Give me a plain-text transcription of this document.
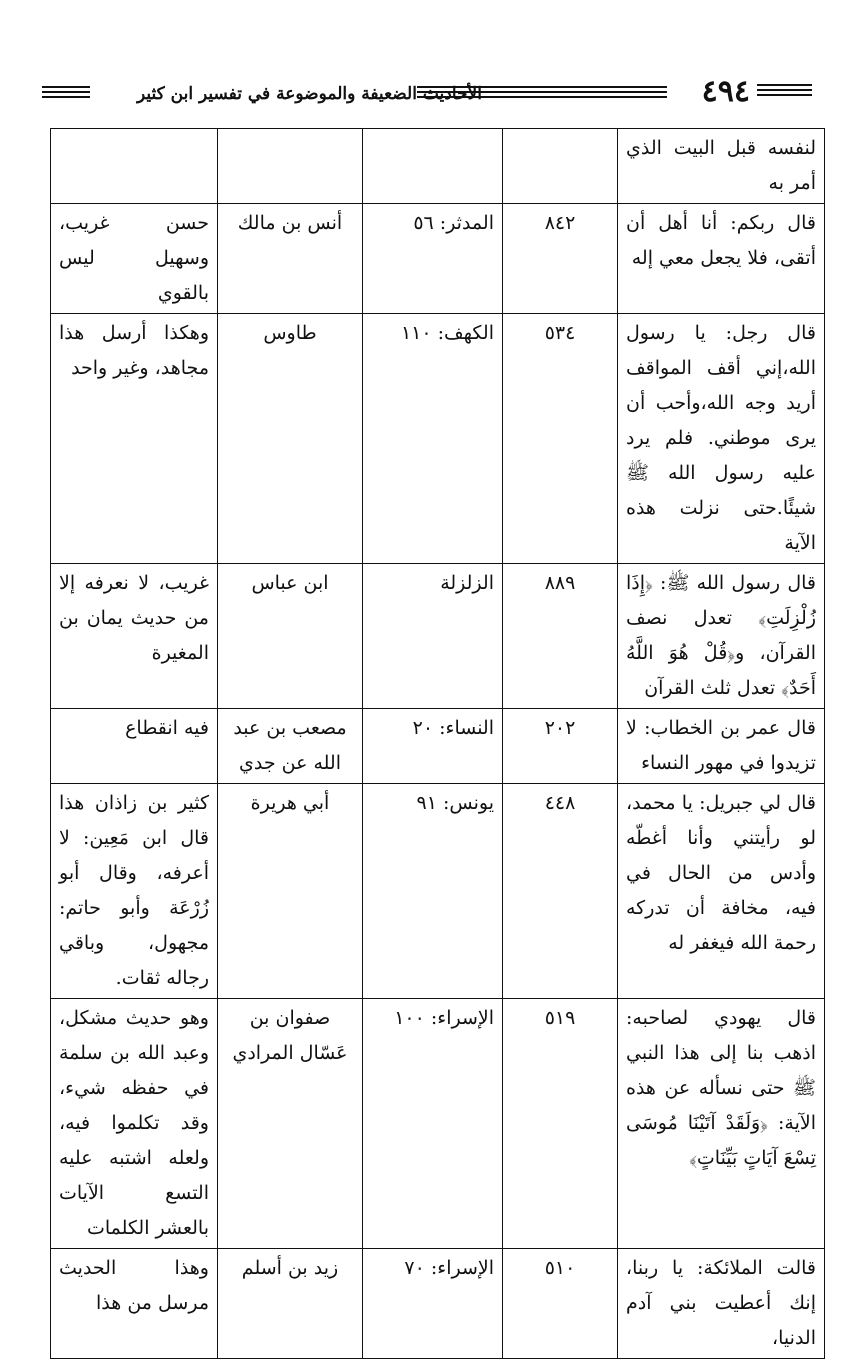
٤٩٤
الأحاديث الضعيفة والموضوعة في تفسير ابن كثير
لنفسه قبل البيت الذي أمر به				
قال ربكم: أنا أهل أن أتقى، فلا يجعل معي إله	٨٤٢	المدثر: ٥٦	أنس بن مالك	حسن غريب، وسهيل ليس بالقوي
قال رجل: يا رسول الله،إني أقف المواقف أريد وجه الله،وأحب أن يرى موطني. فلم يرد عليه رسول الله ﷺ شيئًا.حتى نزلت هذه الآية	٥٣٤	الكهف: ١١٠	طاوس	وهكذا أرسل هذا مجاهد، وغير واحد
قال رسول الله ﷺ: ﴿إِذَا زُلْزِلَتِ﴾ تعدل نصف القرآن، و﴿قُلْ هُوَ اللَّهُ أَحَدٌ﴾ تعدل ثلث القرآن	٨٨٩	الزلزلة	ابن عباس	غريب، لا نعرفه إلا من حديث يمان بن المغيرة
قال عمر بن الخطاب: لا تزيدوا في مهور النساء	٢٠٢	النساء: ٢٠	مصعب بن عبد الله عن جدي	فيه انقطاع
قال لي جبريل: يا محمد، لو رأيتني وأنا أغطّه وأدس من الحال في فيه، مخافة أن تدركه رحمة الله فيغفر له	٤٤٨	يونس: ٩١	أبي هريرة	كثير بن زاذان هذا قال ابن مَعِين: لا أعرفه، وقال أبو زُرْعَة وأبو حاتم: مجهول، وباقي رجاله ثقات.
قال يهودي لصاحبه: اذهب بنا إلى هذا النبي ﷺ حتى نسأله عن هذه الآية: ﴿وَلَقَدْ آتَيْنَا مُوسَى تِسْعَ آيَاتٍ بَيِّنَاتٍ﴾	٥١٩	الإسراء: ١٠٠	صفوان بن عَسّال المرادي	وهو حديث مشكل، وعبد الله بن سلمة في حفظه شيء، وقد تكلموا فيه، ولعله اشتبه عليه التسع الآيات بالعشر الكلمات
قالت الملائكة: يا ربنا، إنك أعطيت بني آدم الدنيا،	٥١٠	الإسراء: ٧٠	زيد بن أسلم	وهذا الحديث مرسل من هذا
